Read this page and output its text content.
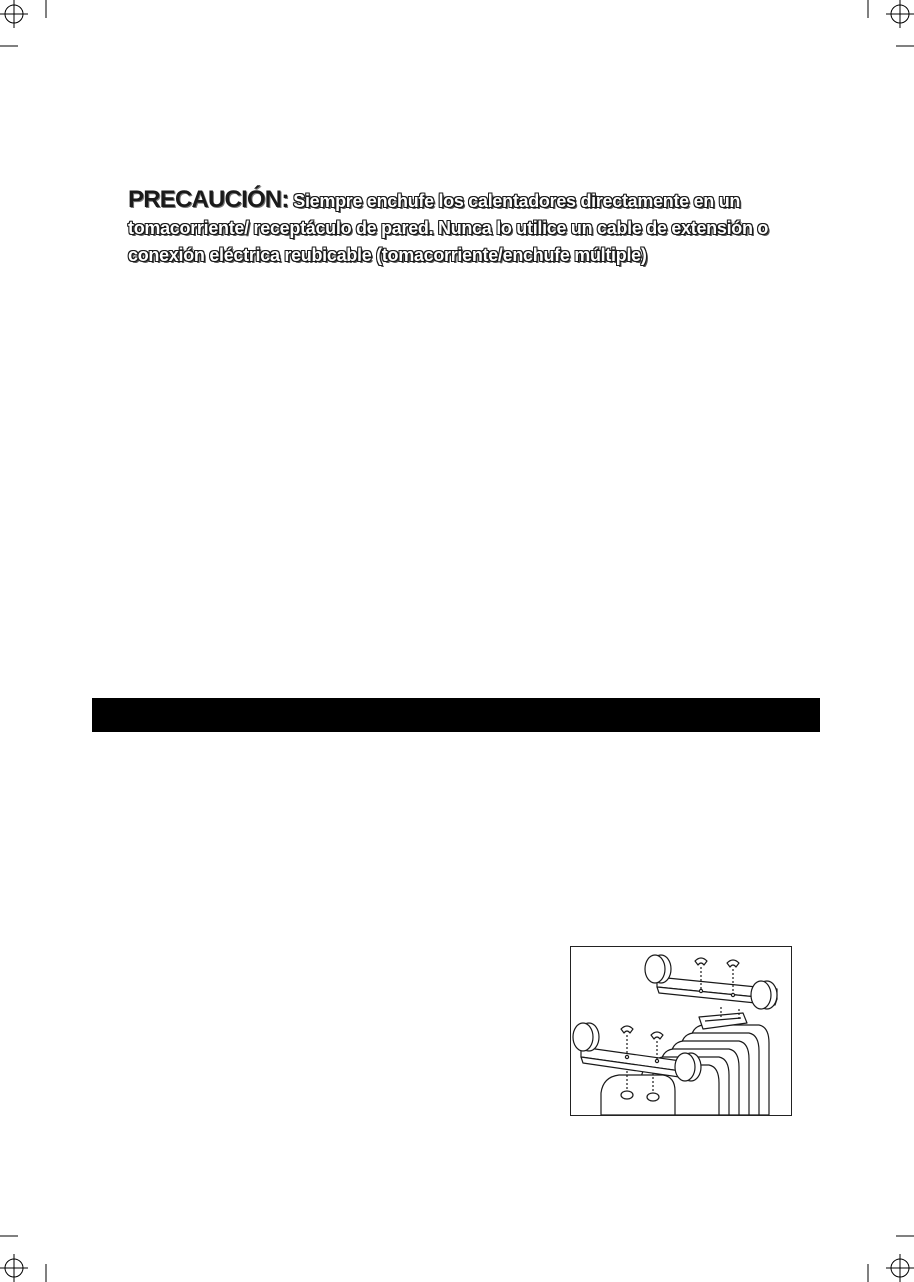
PRECAUCIÓN: Siempre enchufe los calentadores directamente en un tomacorriente/ receptáculo de pared. Nunca lo utilice un cable de extensión o conexión eléctrica reubicable (tomacorriente/enchufe múltiple)
